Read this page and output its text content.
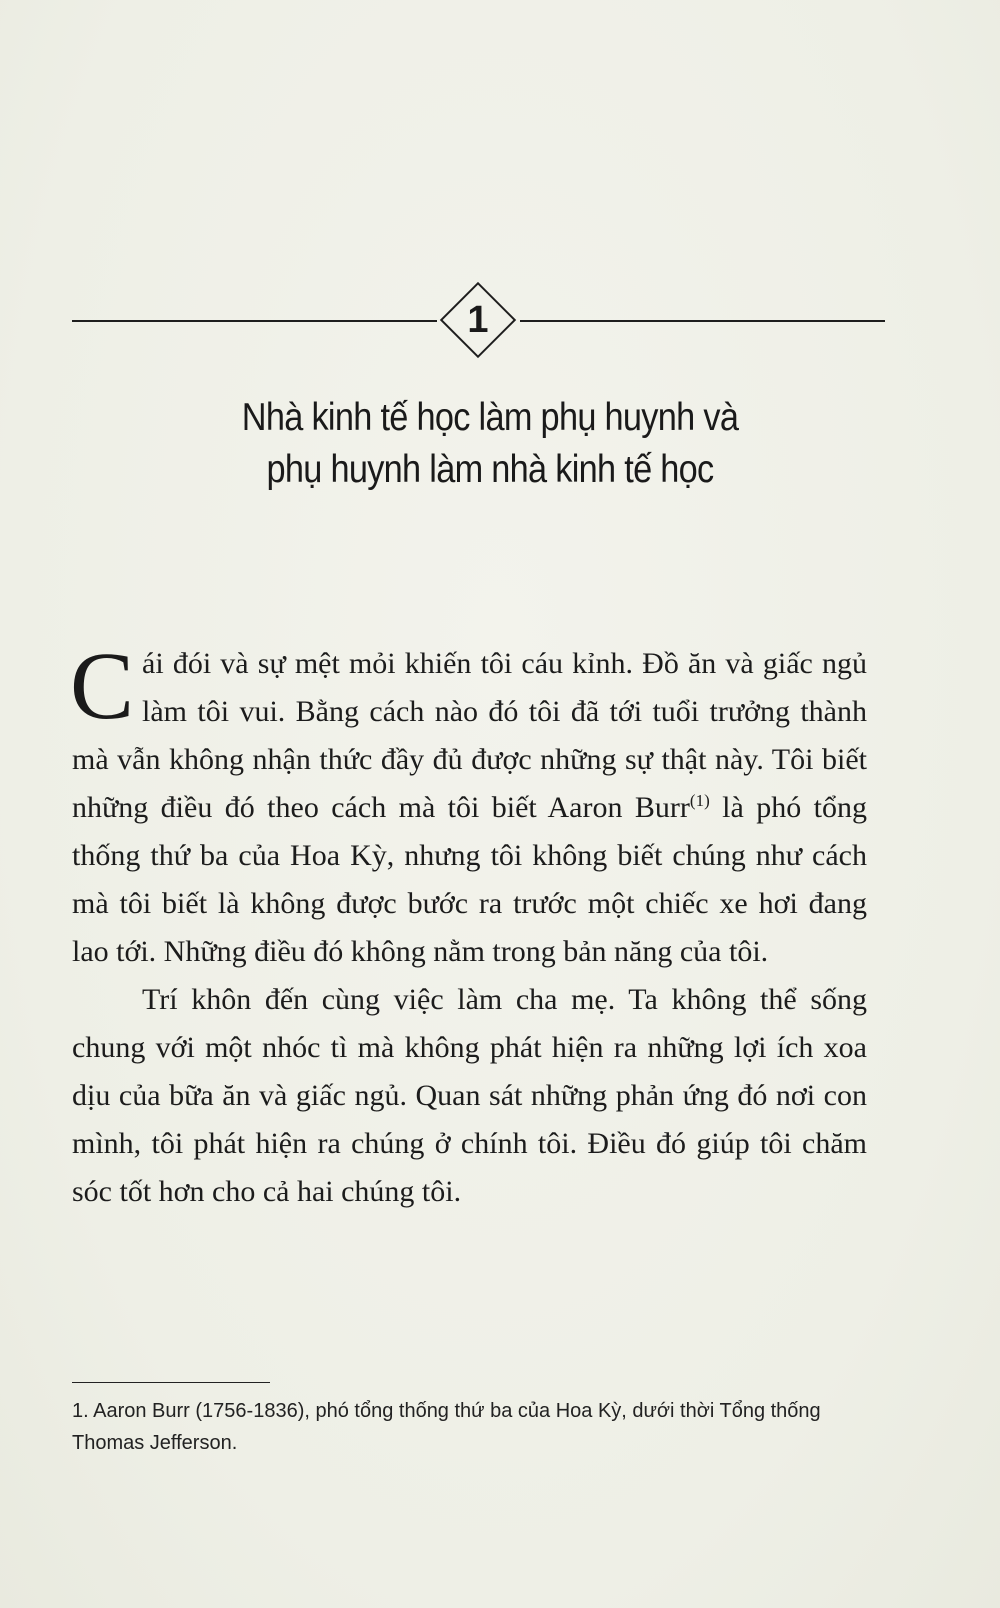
1
Nhà kinh tế học làm phụ huynh và
phụ huynh làm nhà kinh tế học

Cái đói và sự mệt mỏi khiến tôi cáu kỉnh. Đồ ăn và giấc ngủ làm tôi vui. Bằng cách nào đó tôi đã tới tuổi trưởng thành mà vẫn không nhận thức đầy đủ được những sự thật này. Tôi biết những điều đó theo cách mà tôi biết Aaron Burr$^{(1)}$ là phó tổng thống thứ ba của Hoa Kỳ, nhưng tôi không biết chúng như cách mà tôi biết là không được bước ra trước một chiếc xe hơi đang lao tới. Những điều đó không nằm trong bản năng của tôi.

Trí khôn đến cùng việc làm cha mẹ. Ta không thể sống chung với một nhóc tì mà không phát hiện ra những lợi ích xoa dịu của bữa ăn và giấc ngủ. Quan sát những phản ứng đó nơi con mình, tôi phát hiện ra chúng ở chính tôi. Điều đó giúp tôi chăm sóc tốt hơn cho cả hai chúng tôi.

1. Aaron Burr (1756-1836), phó tổng thống thứ ba của Hoa Kỳ, dưới thời Tổng thống Thomas Jefferson.
